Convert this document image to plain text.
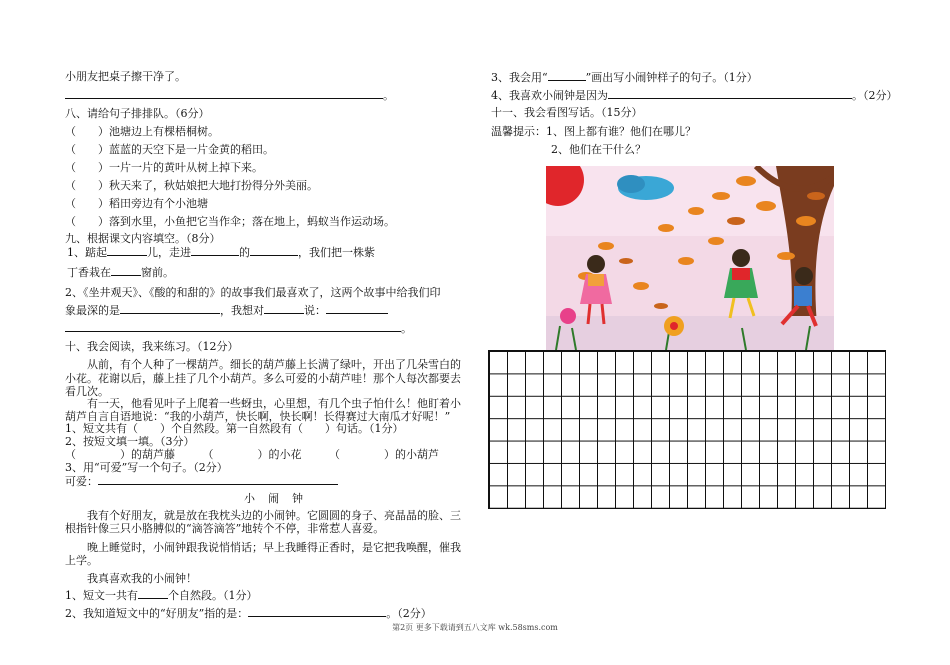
小朋友把桌子擦干净了。
。
八、请给句子排排队。（6分）
（　　）池塘边上有棵梧桐树。
（　　）蓝蓝的天空下是一片金黄的稻田。
（　　）一片一片的黄叶从树上掉下来。
（　　）秋天来了，秋姑娘把大地打扮得分外美丽。
（　　）稻田旁边有个小池塘
（　　）落到水里，小鱼把它当作伞；落在地上，蚂蚁当作运动场。
九、根据课文内容填空。（8分）
1、踮起	儿，走进	的	，我们把一株紫
丁香栽在	窗前。
2、《坐井观天》、《酸的和甜的》的故事我们最喜欢了，这两个故事中给我们印
象最深的是	，我想对	说：
。
十、我会阅读，我来练习。（12分）
从前，有个人种了一棵葫芦。细长的葫芦藤上长满了绿叶，开出了几朵雪白的
小花。花谢以后，藤上挂了几个小葫芦。多么可爱的小葫芦哇！那个人每次都要去
看几次。
有一天，他看见叶子上爬着一些蚜虫，心里想，有几个虫子怕什么！他盯着小
葫芦自言自语地说：“我的小葫芦，快长啊，快长啊！长得赛过大南瓜才好呢！”
1、短文共有（　　）个自然段。第一自然段有（　　）句话。（1分）
2、按短文填一填。（3分）
（　　　　）的葫芦藤　　　（　　　　）的小花　　　（　　　　）的小葫芦
3、用“可爱”写一个句子。（2分）
可爱：
小　闹　钟
我有个好朋友，就是放在我枕头边的小闹钟。它圆圆的身子、亮晶晶的脸、三
根指针像三只小胳膊似的“滴答滴答”地转个不停，非常惹人喜爱。
晚上睡觉时，小闹钟跟我说悄悄话；早上我睡得正香时，是它把我唤醒，催我
上学。
我真喜欢我的小闹钟！
1、短文一共有	个自然段。（1分）
2、我知道短文中的“好朋友”指的是：	。（2分）
3、我会用“	”画出写小闹钟样子的句子。（1分）
4、我喜欢小闹钟是因为	。（2分）
十一、我会看图写话。（15分）
温馨提示：1、图上都有谁？他们在哪儿？
2、他们在干什么？
第2页 更多下载请到五八文库 wk.58sms.com
